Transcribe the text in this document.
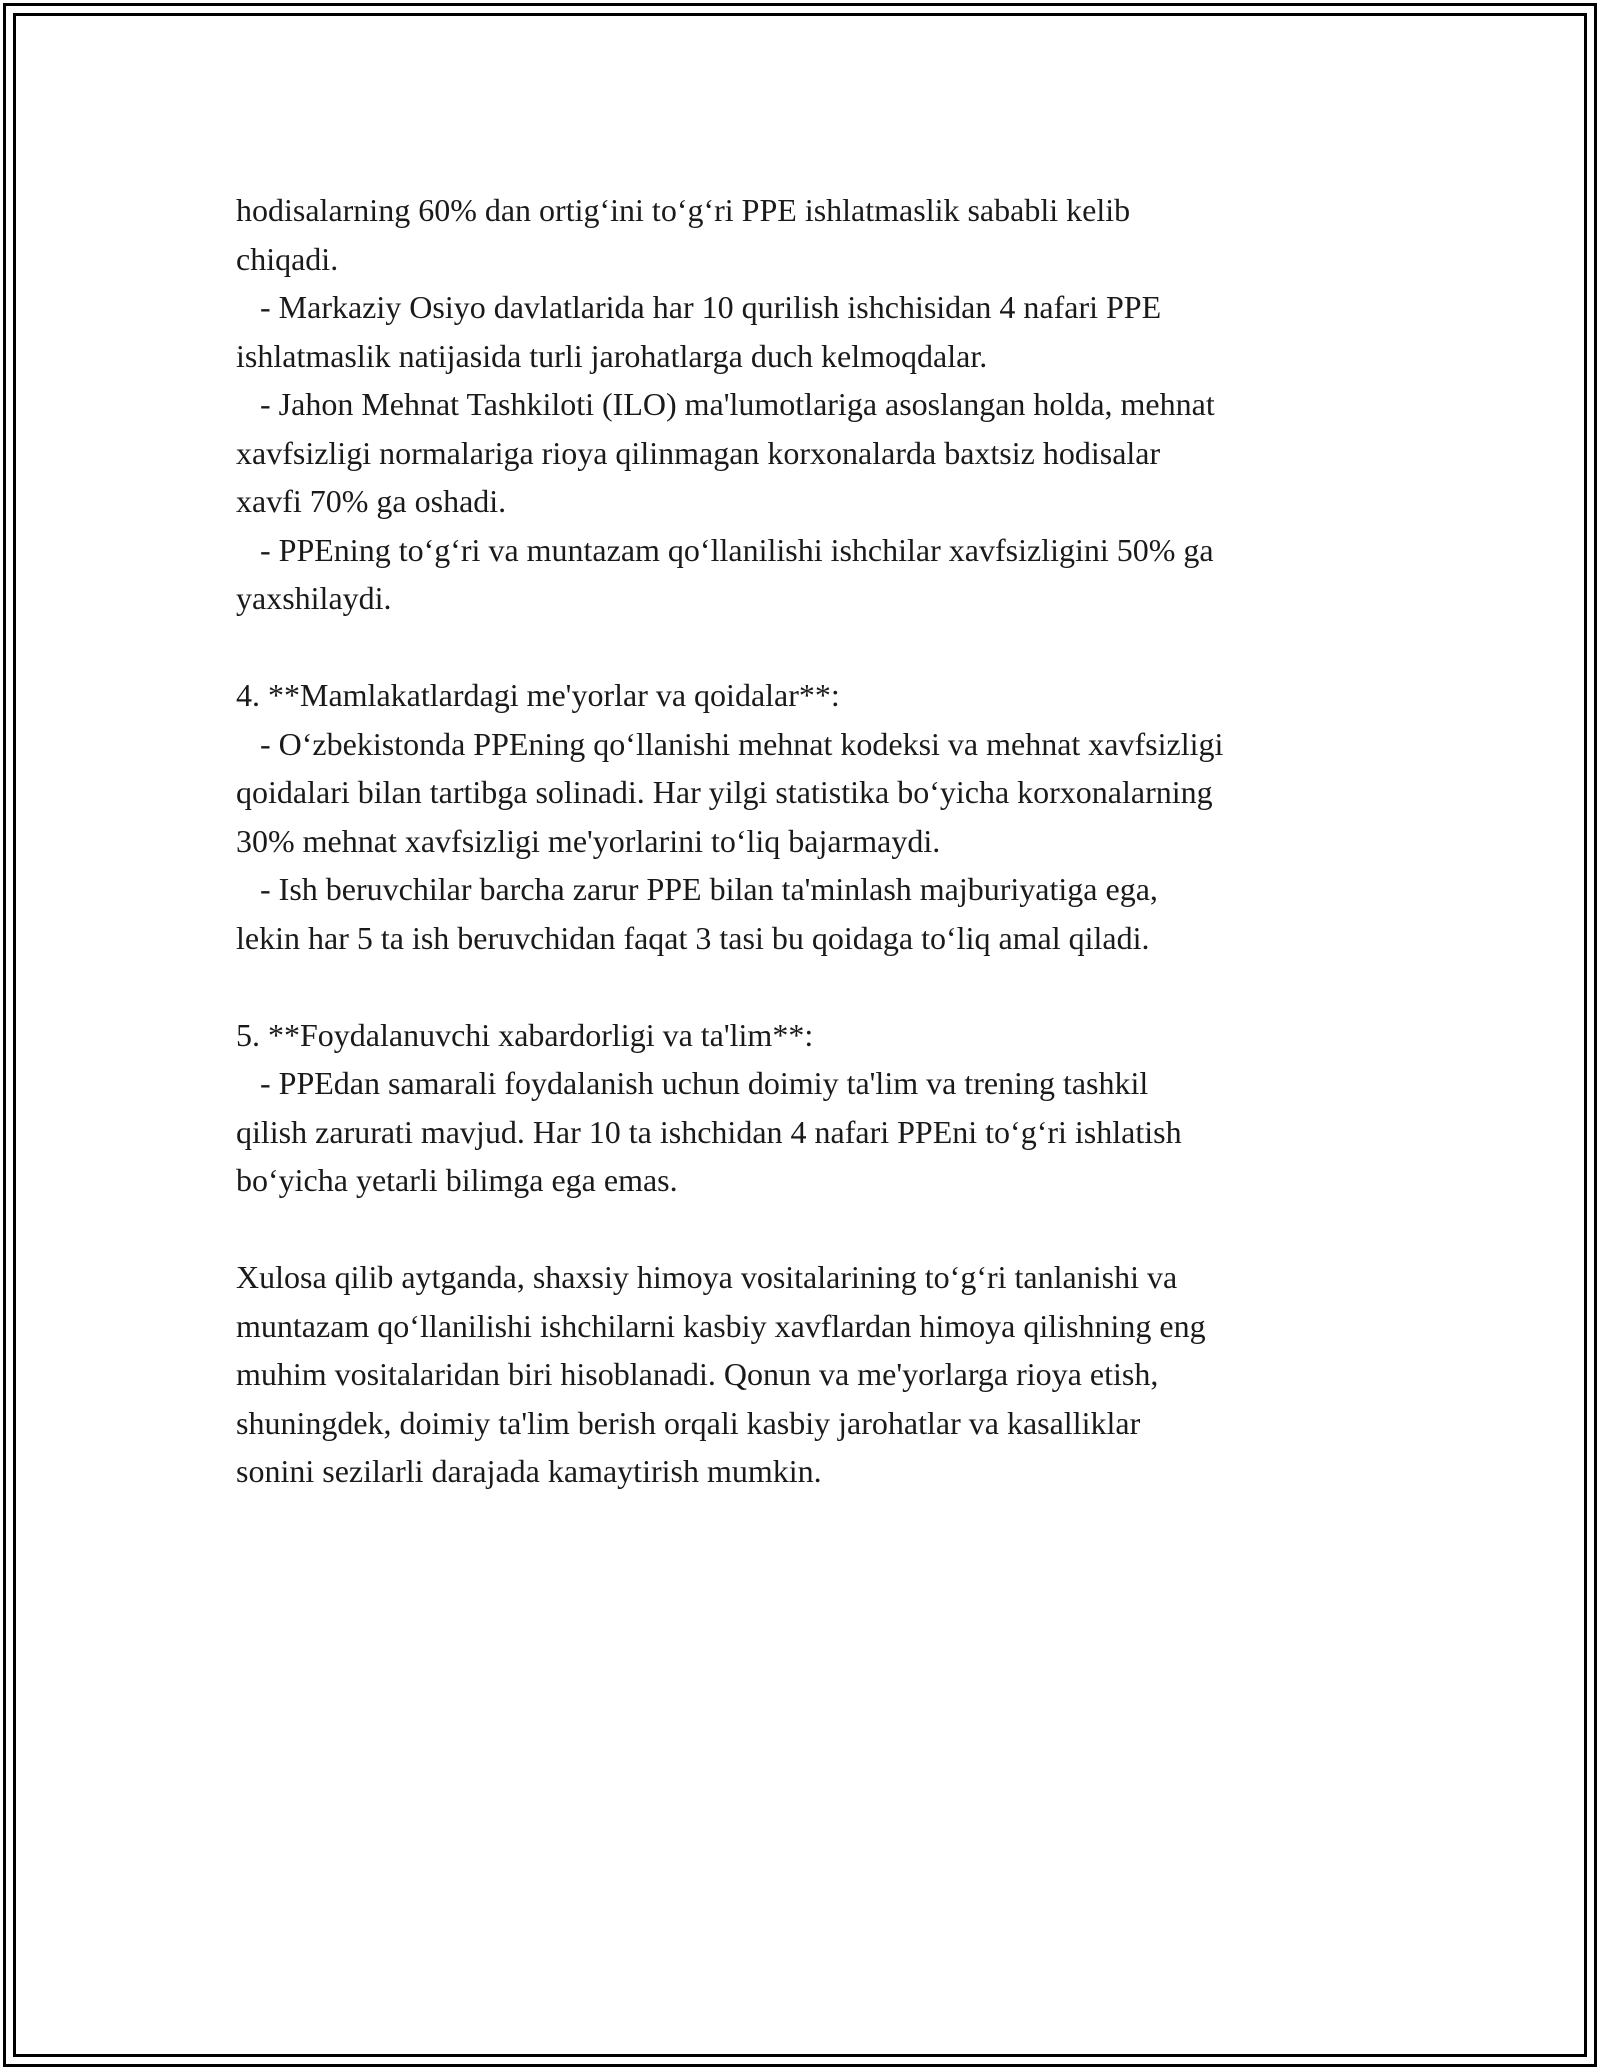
hodisalarning 60% dan ortig‘ini to‘g‘ri PPE ishlatmaslik sababli kelib
chiqadi.
- Markaziy Osiyo davlatlarida har 10 qurilish ishchisidan 4 nafari PPE
ishlatmaslik natijasida turli jarohatlarga duch kelmoqdalar.
- Jahon Mehnat Tashkiloti (ILO) ma'lumotlariga asoslangan holda, mehnat
xavfsizligi normalariga rioya qilinmagan korxonalarda baxtsiz hodisalar
xavfi 70% ga oshadi.
- PPEning to‘g‘ri va muntazam qo‘llanilishi ishchilar xavfsizligini 50% ga
yaxshilaydi.
4. **Mamlakatlardagi me'yorlar va qoidalar**:
- O‘zbekistonda PPEning qo‘llanishi mehnat kodeksi va mehnat xavfsizligi
qoidalari bilan tartibga solinadi. Har yilgi statistika bo‘yicha korxonalarning
30% mehnat xavfsizligi me'yorlarini to‘liq bajarmaydi.
- Ish beruvchilar barcha zarur PPE bilan ta'minlash majburiyatiga ega,
lekin har 5 ta ish beruvchidan faqat 3 tasi bu qoidaga to‘liq amal qiladi.
5. **Foydalanuvchi xabardorligi va ta'lim**:
- PPEdan samarali foydalanish uchun doimiy ta'lim va trening tashkil
qilish zarurati mavjud. Har 10 ta ishchidan 4 nafari PPEni to‘g‘ri ishlatish
bo‘yicha yetarli bilimga ega emas.
Xulosa qilib aytganda, shaxsiy himoya vositalarining to‘g‘ri tanlanishi va
muntazam qo‘llanilishi ishchilarni kasbiy xavflardan himoya qilishning eng
muhim vositalaridan biri hisoblanadi. Qonun va me'yorlarga rioya etish,
shuningdek, doimiy ta'lim berish orqali kasbiy jarohatlar va kasalliklar
sonini sezilarli darajada kamaytirish mumkin.
